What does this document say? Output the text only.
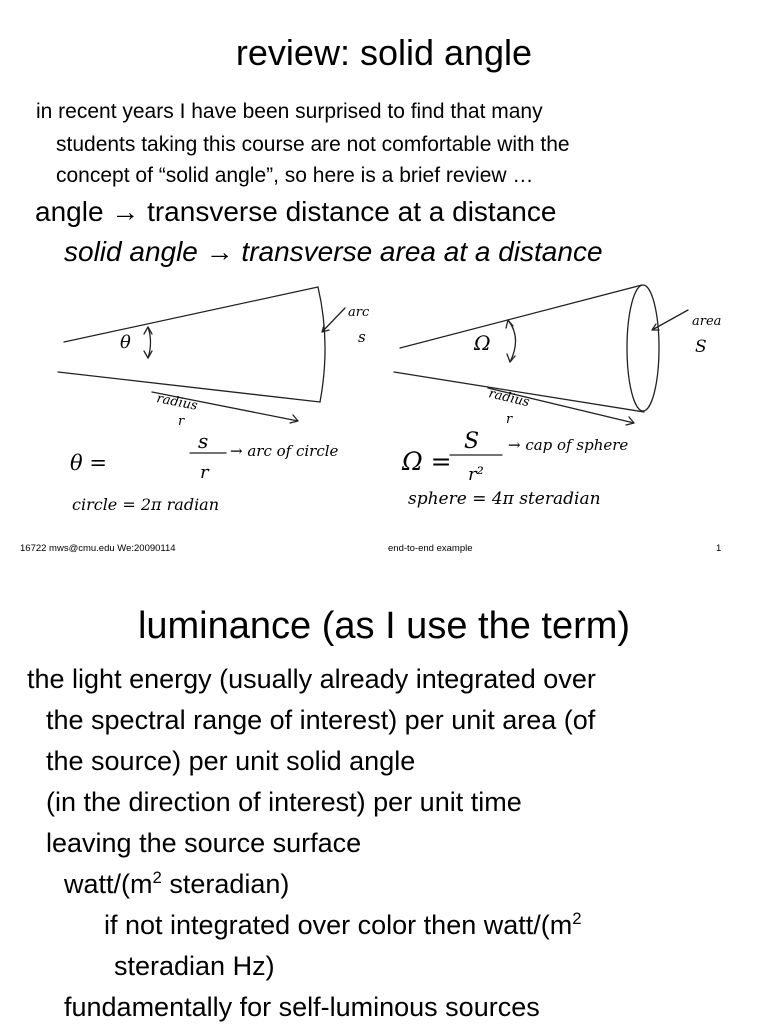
review: solid angle
in recent years I have been surprised to find that many
students taking this course are not comfortable with the
concept of “solid angle”, so here is a brief review …
angle → transverse distance at a distance
solid angle → transverse area at a distance
θ
arc
s
radius
r
θ =
s
r
→ arc of circle
circle = 2π radian
Ω
area
S
radius
r
Ω =
S
r²
→ cap of sphere
sphere = 4π steradian
16722 mws@cmu.edu We:20090114	end-to-end example	1
luminance (as I use the term)
the light energy (usually already integrated over
the spectral range of interest) per unit area (of
the source) per unit solid angle
(in the direction of interest) per unit time
leaving the source surface
watt/($m^2$ steradian)
if not integrated over color then watt/($m^2$
steradian Hz)
fundamentally for self-luminous sources
